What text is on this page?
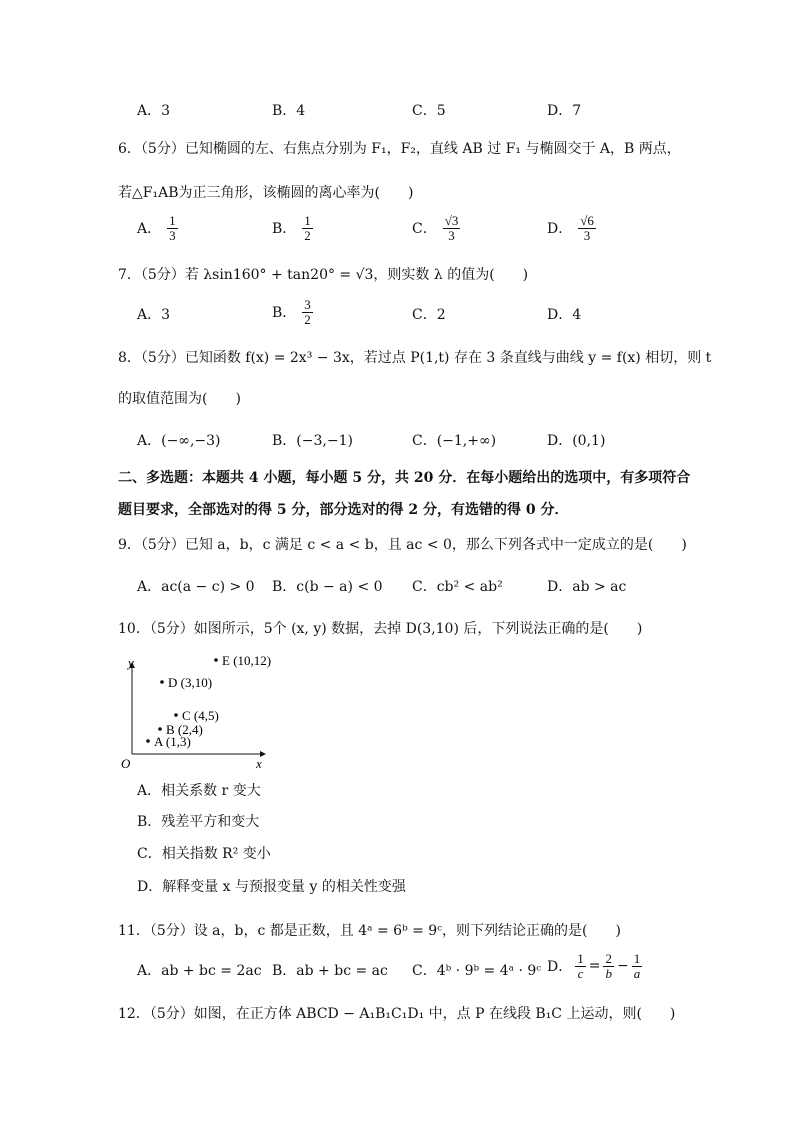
A．3	B．4	C．5	D．7
6．（5分）已知椭圆的左、右焦点分别为 F₁，F₂，直线 AB 过 F₁ 与椭圆交于 A，B 两点，
若△F₁AB为正三角形，该椭圆的离心率为(　　)
A． $\frac{1}{3}$	B． $\frac{1}{2}$	C． $\frac{√3}{3}$	D． $\frac{√6}{3}$
7．（5分）若 λsin160° + tan20° = √3，则实数 λ 的值为(　　)
A．3	B． $\frac{3}{2}$	C．2	D．4
8．（5分）已知函数 f(x) = 2x³ − 3x，若过点 P(1,t) 存在 3 条直线与曲线 y = f(x) 相切，则 t
的取值范围为(　　)
A．(−∞,−3)	B．(−3,−1)	C．(−1,+∞)	D．(0,1)
二、多选题：本题共 4 小题，每小题 5 分，共 20 分．在每小题给出的选项中，有多项符合
题目要求，全部选对的得 5 分，部分选对的得 2 分，有选错的得 0 分．
9．（5分）已知 a，b，c 满足 c < a < b，且 ac < 0，那么下列各式中一定成立的是(　　)
A．ac(a − c) > 0 B．c(b − a) < 0 C．cb² < ab²	D．ab > ac
10．（5分）如图所示，5个 (x, y) 数据，去掉 D(3,10) 后，下列说法正确的是(　　)
y
x
O
E (10,12)
D (3,10)
C (4,5)
B (2,4)
A (1,3)
A．相关系数 r 变大
B．残差平方和变大
C．相关指数 R² 变小
D．解释变量 x 与预报变量 y 的相关性变强
11．（5分）设 a，b，c 都是正数，且 4ᵃ = 6ᵇ = 9ᶜ，则下列结论正确的是(　　)
A．ab + bc = 2ac B．ab + bc = ac C．4ᵇ · 9ᵇ = 4ᵃ · 9ᶜ D． $\frac{1}{c} = \frac{2}{b} - \frac{1}{a}$
12．（5分）如图，在正方体 ABCD − A₁B₁C₁D₁ 中，点 P 在线段 B₁C 上运动，则(　　)
